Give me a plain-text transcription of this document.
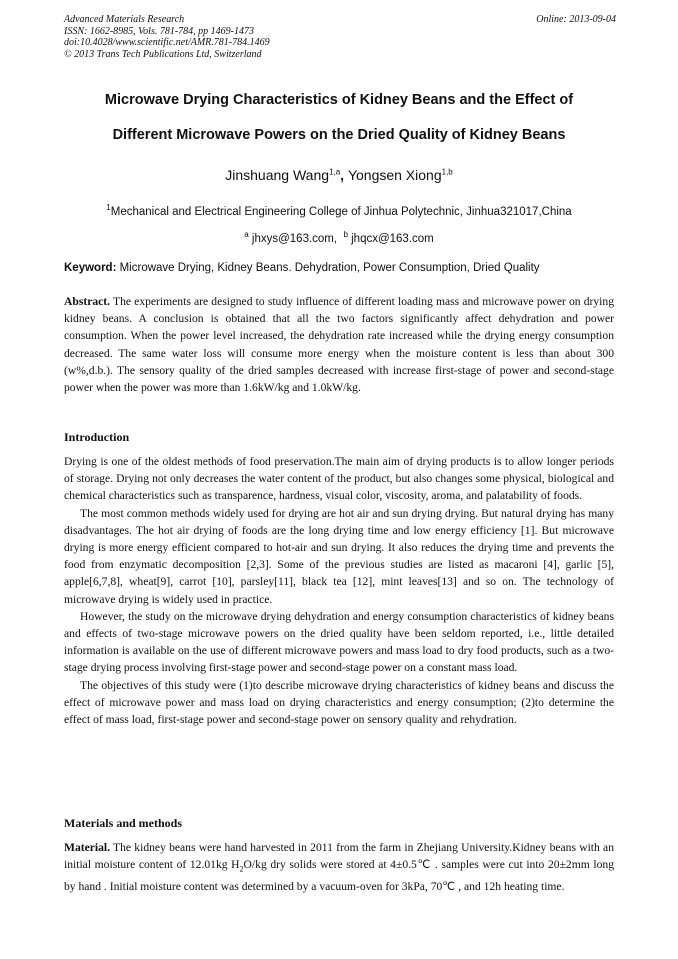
Advanced Materials Research
ISSN: 1662-8985, Vols. 781-784, pp 1469-1473
doi:10.4028/www.scientific.net/AMR.781-784.1469
© 2013 Trans Tech Publications Ltd, Switzerland
Online: 2013-09-04
Microwave Drying Characteristics of Kidney Beans and the Effect of
Different Microwave Powers on the Dried Quality of Kidney Beans
Jinshuang Wang$^{1,a}$, Yongsen Xiong$^{1,b}$
$^1$Mechanical and Electrical Engineering College of Jinhua Polytechnic, Jinhua321017,China
$^a$ jhxys@163.com, $^b$ jhqcx@163.com
Keyword: Microwave Drying, Kidney Beans. Dehydration, Power Consumption, Dried Quality

Abstract. The experiments are designed to study influence of different loading mass and microwave power on drying kidney beans. A conclusion is obtained that all the two factors significantly affect dehydration and power consumption. When the power level increased, the dehydration rate increased while the drying energy consumption decreased. The same water loss will consume more energy when the moisture content is less than about 300 (w%,d.b.). The sensory quality of the dried samples decreased with increase first-stage of power and second-stage power when the power was more than 1.6kW/kg and 1.0kW/kg.

Introduction

Drying is one of the oldest methods of food preservation.The main aim of drying products is to allow longer periods of storage. Drying not only decreases the water content of the product, but also changes some physical, biological and chemical characteristics such as transparence, hardness, visual color, viscosity, aroma, and palatability of foods.

The most common methods widely used for drying are hot air and sun drying drying. But natural drying has many disadvantages. The hot air drying of foods are the long drying time and low energy efficiency [1]. But microwave drying is more energy efficient compared to hot-air and sun drying. It also reduces the drying time and prevents the food from enzymatic decomposition [2,3]. Some of the previous studies are listed as macaroni [4], garlic [5], apple[6,7,8], wheat[9], carrot [10], parsley[11], black tea [12], mint leaves[13] and so on. The technology of microwave drying is widely used in practice.

However, the study on the microwave drying dehydration and energy consumption characteristics of kidney beans and effects of two-stage microwave powers on the dried quality have been seldom reported, i.e., little detailed information is available on the use of different microwave powers and mass load to dry food products, such as a two-stage drying process involving first-stage power and second-stage power on a constant mass load.

The objectives of this study were (1)to describe microwave drying characteristics of kidney beans and discuss the effect of microwave power and mass load on drying characteristics and energy consumption; (2)to determine the effect of mass load, first-stage power and second-stage power on sensory quality and rehydration.

Materials and methods

Material. The kidney beans were hand harvested in 2011 from the farm in Zhejiang University.Kidney beans with an initial moisture content of 12.01kg $H_2O/kg$ dry solids were stored at 4±0.5℃ . samples were cut into 20±2mm long by hand . Initial moisture content was determined by a vacuum-oven for 3kPa, 70℃ , and 12h heating time.
